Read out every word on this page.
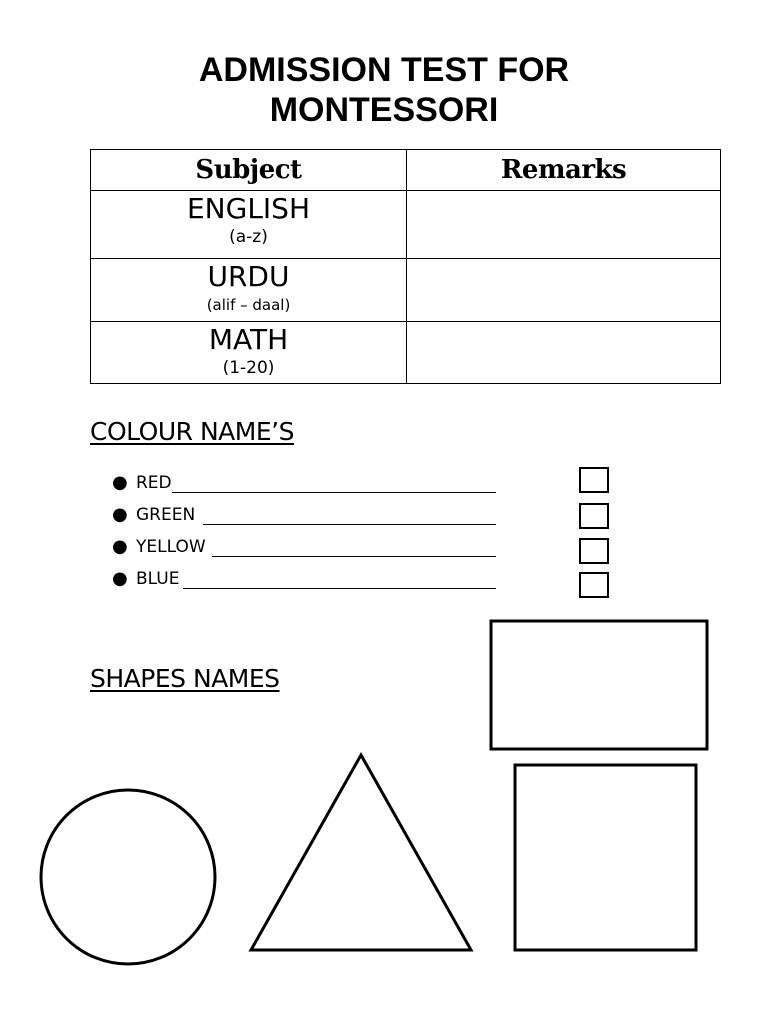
ADMISSION TEST FOR
MONTESSORI
Subject	Remarks

ENGLISH
(a-z)	

URDU
(alif – daal)	

MATH
(1-20)	

COLOUR NAME’S
● RED
● GREEN
● YELLOW
● BLUE
SHAPES NAMES
